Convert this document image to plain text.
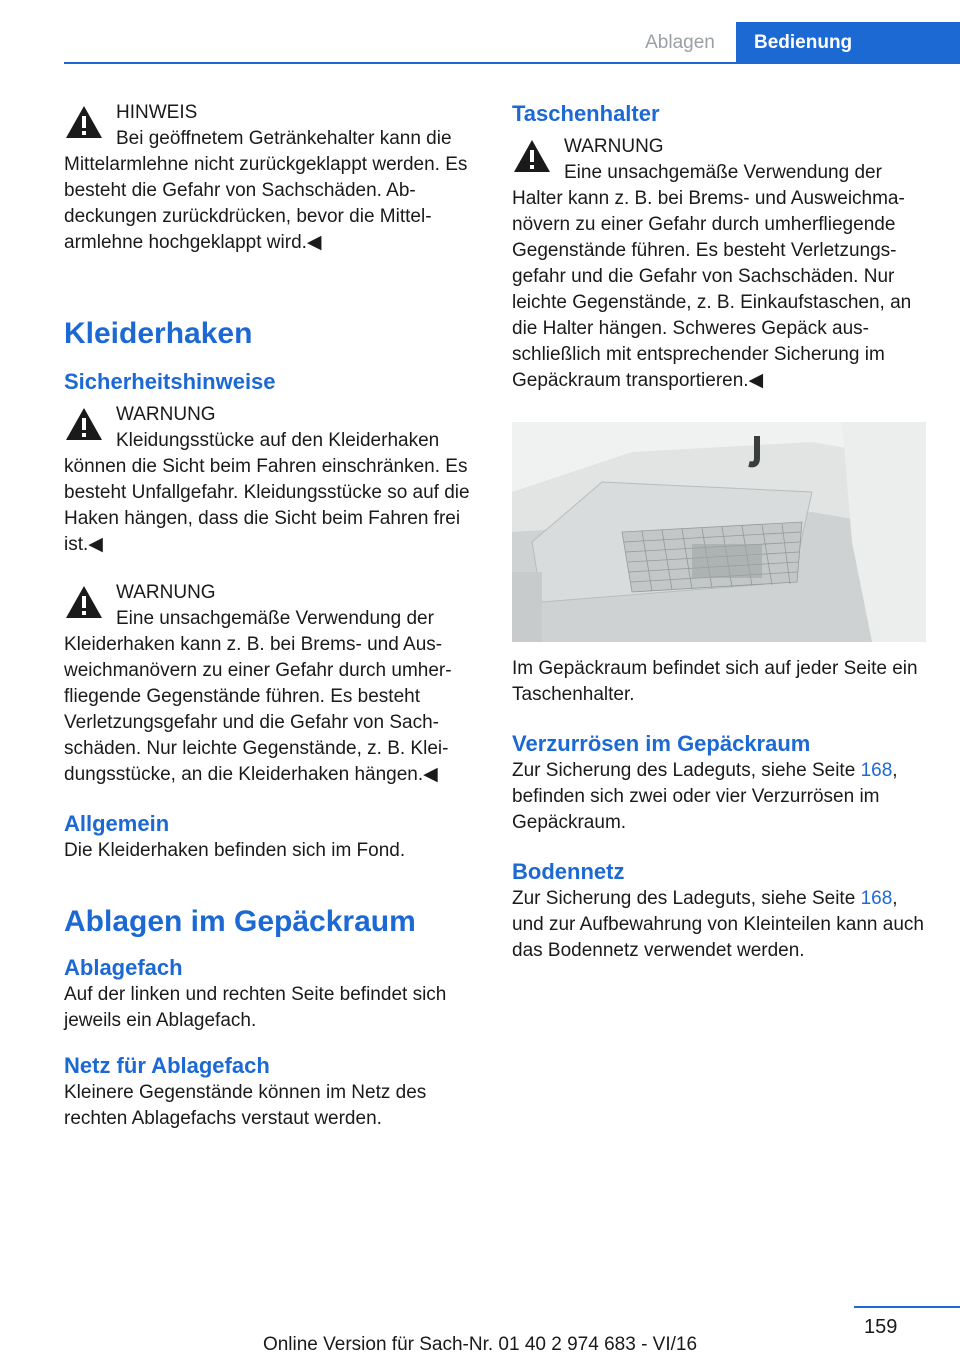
Ablagen	Bedienung
HINWEIS

Bei geöffnetem Getränkehalter kann die Mittelarmlehne nicht zurückgeklappt werden. Es besteht die Gefahr von Sachschäden. Ab‐deckungen zurückdrücken, bevor die Mittel‐armlehne hochgeklappt wird.◀

Kleiderhaken
Sicherheitshinweise
WARNUNG

Kleidungsstücke auf den Kleiderhaken können die Sicht beim Fahren einschränken. Es besteht Unfallgefahr. Kleidungsstücke so auf die Haken hängen, dass die Sicht beim Fahren frei ist.◀

WARNUNG

Eine unsachgemäße Verwendung der Kleiderhaken kann z. B. bei Brems- und Aus‐weichmanövern zu einer Gefahr durch umher‐fliegende Gegenstände führen. Es besteht Verletzungsgefahr und die Gefahr von Sach‐schäden. Nur leichte Gegenstände, z. B. Klei‐dungsstücke, an die Kleiderhaken hängen.◀

Allgemein

Die Kleiderhaken befinden sich im Fond.

Ablagen im Gepäckraum
Ablagefach

Auf der linken und rechten Seite befindet sich jeweils ein Ablagefach.

Netz für Ablagefach

Kleinere Gegenstände können im Netz des rechten Ablagefachs verstaut werden.

Taschenhalter
WARNUNG

Eine unsachgemäße Verwendung der Halter kann z. B. bei Brems- und Ausweichma‐növern zu einer Gefahr durch umherfliegende Gegenstände führen. Es besteht Verletzungs‐gefahr und die Gefahr von Sachschäden. Nur leichte Gegenstände, z. B. Einkaufstaschen, an die Halter hängen. Schweres Gepäck aus‐schließlich mit entsprechender Sicherung im Gepäckraum transportieren.◀

Im Gepäckraum befindet sich auf jeder Seite ein Taschenhalter.

Verzurrösen im Gepäckraum

Zur Sicherung des Ladeguts, siehe Seite 168, befinden sich zwei oder vier Verzurrösen im Gepäckraum.

Bodennetz

Zur Sicherung des Ladeguts, siehe Seite 168, und zur Aufbewahrung von Kleinteilen kann auch das Bodennetz verwendet werden.

159
Online Version für Sach-Nr. 01 40 2 974 683 - VI/16
